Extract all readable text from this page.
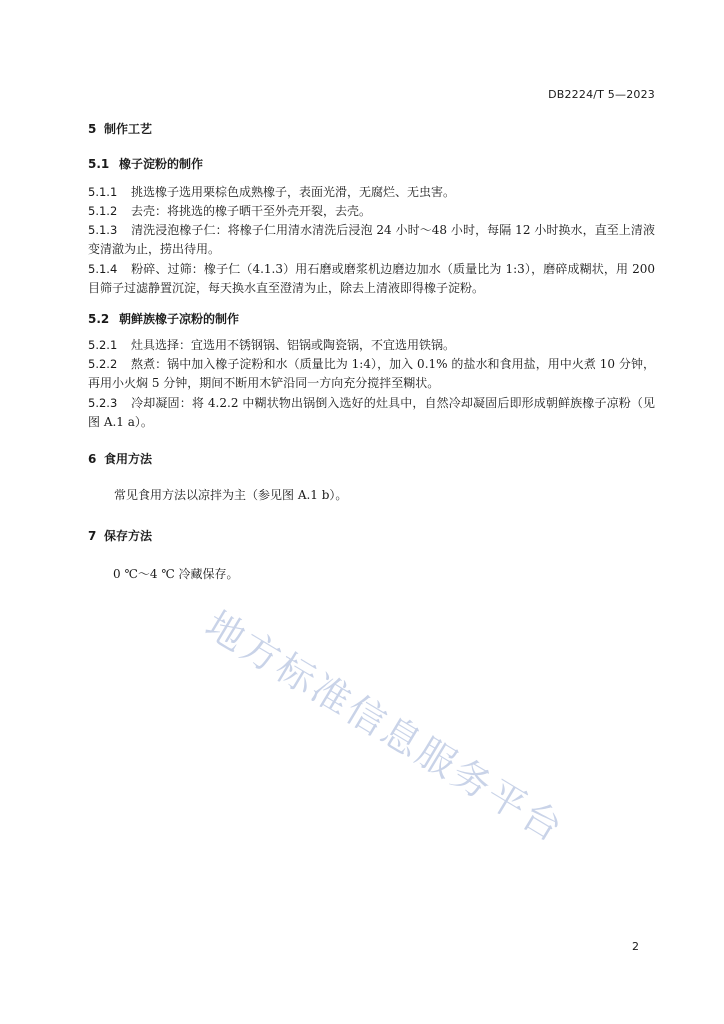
DB2224/T 5—2023
5 制作工艺
5.1 橡子淀粉的制作
5.1.1 挑选橡子选用栗棕色成熟橡子，表面光滑，无腐烂、无虫害。
5.1.2 去壳：将挑选的橡子晒干至外壳开裂，去壳。
5.1.3 清洗浸泡橡子仁：将橡子仁用清水清洗后浸泡 24 小时～48 小时，每隔 12 小时换水，直至上清液变清澈为止，捞出待用。
5.1.4 粉碎、过筛：橡子仁（4.1.3）用石磨或磨浆机边磨边加水（质量比为 1:3），磨碎成糊状，用 200 目筛子过滤静置沉淀，每天换水直至澄清为止，除去上清液即得橡子淀粉。
5.2 朝鲜族橡子凉粉的制作
5.2.1 灶具选择：宜选用不锈钢锅、铝锅或陶瓷锅，不宜选用铁锅。
5.2.2 熬煮：锅中加入橡子淀粉和水（质量比为 1:4），加入 0.1% 的盐水和食用盐，用中火煮 10 分钟，再用小火焖 5 分钟，期间不断用木铲沿同一方向充分搅拌至糊状。
5.2.3 冷却凝固：将 4.2.2 中糊状物出锅倒入选好的灶具中，自然冷却凝固后即形成朝鲜族橡子凉粉（见图 A.1 a）。
6 食用方法
常见食用方法以凉拌为主（参见图 A.1 b）。
7 保存方法
0 ℃～4 ℃ 冷藏保存。
地方标准信息服务平台
2
